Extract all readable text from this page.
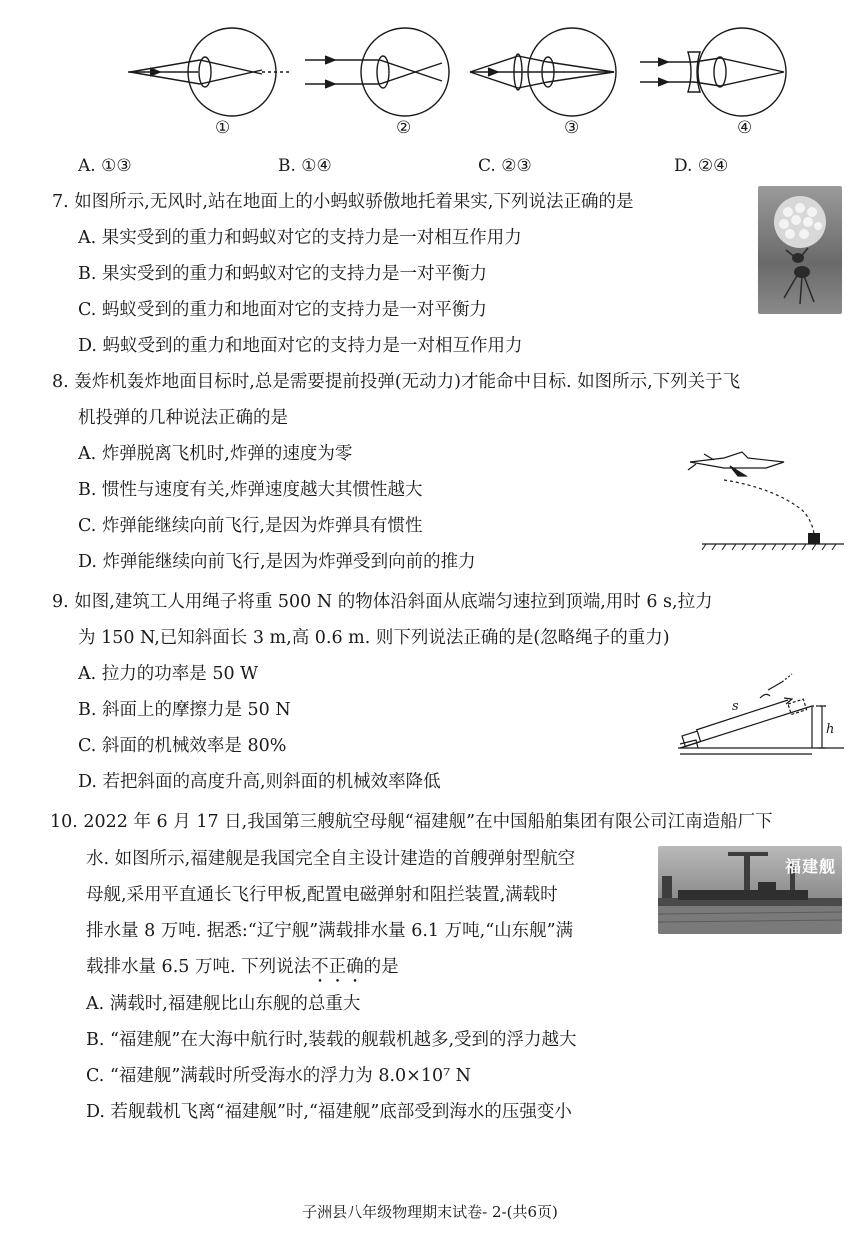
①	②	③	④
A. ①③	B. ①④	C. ②③	D. ②④
7. 如图所示,无风时,站在地面上的小蚂蚁骄傲地托着果实,下列说法正确的是
A. 果实受到的重力和蚂蚁对它的支持力是一对相互作用力
B. 果实受到的重力和蚂蚁对它的支持力是一对平衡力
C. 蚂蚁受到的重力和地面对它的支持力是一对平衡力
D. 蚂蚁受到的重力和地面对它的支持力是一对相互作用力
8. 轰炸机轰炸地面目标时,总是需要提前投弹(无动力)才能命中目标. 如图所示,下列关于飞
机投弹的几种说法正确的是
A. 炸弹脱离飞机时,炸弹的速度为零
B. 惯性与速度有关,炸弹速度越大其惯性越大
C. 炸弹能继续向前飞行,是因为炸弹具有惯性
D. 炸弹能继续向前飞行,是因为炸弹受到向前的推力
9. 如图,建筑工人用绳子将重 500 N 的物体沿斜面从底端匀速拉到顶端,用时 6 s,拉力
为 150 N,已知斜面长 3 m,高 0.6 m. 则下列说法正确的是(忽略绳子的重力)
A. 拉力的功率是 50 W
B. 斜面上的摩擦力是 50 N
C. 斜面的机械效率是 80%
D. 若把斜面的高度升高,则斜面的机械效率降低
s
h
10. 2022 年 6 月 17 日,我国第三艘航空母舰“福建舰”在中国船舶集团有限公司江南造船厂下
水. 如图所示,福建舰是我国完全自主设计建造的首艘弹射型航空
母舰,采用平直通长飞行甲板,配置电磁弹射和阻拦装置,满载时
排水量 8 万吨. 据悉:“辽宁舰”满载排水量 6.1 万吨,“山东舰”满
载排水量 6.5 万吨. 下列说法不正确的是
A. 满载时,福建舰比山东舰的总重大
B. “福建舰”在大海中航行时,装载的舰载机越多,受到的浮力越大
C. “福建舰”满载时所受海水的浮力为 8.0×10⁷ N
D. 若舰载机飞离“福建舰”时,“福建舰”底部受到海水的压强变小
福建舰
子洲县八年级物理期末试卷- 2-(共6页)
